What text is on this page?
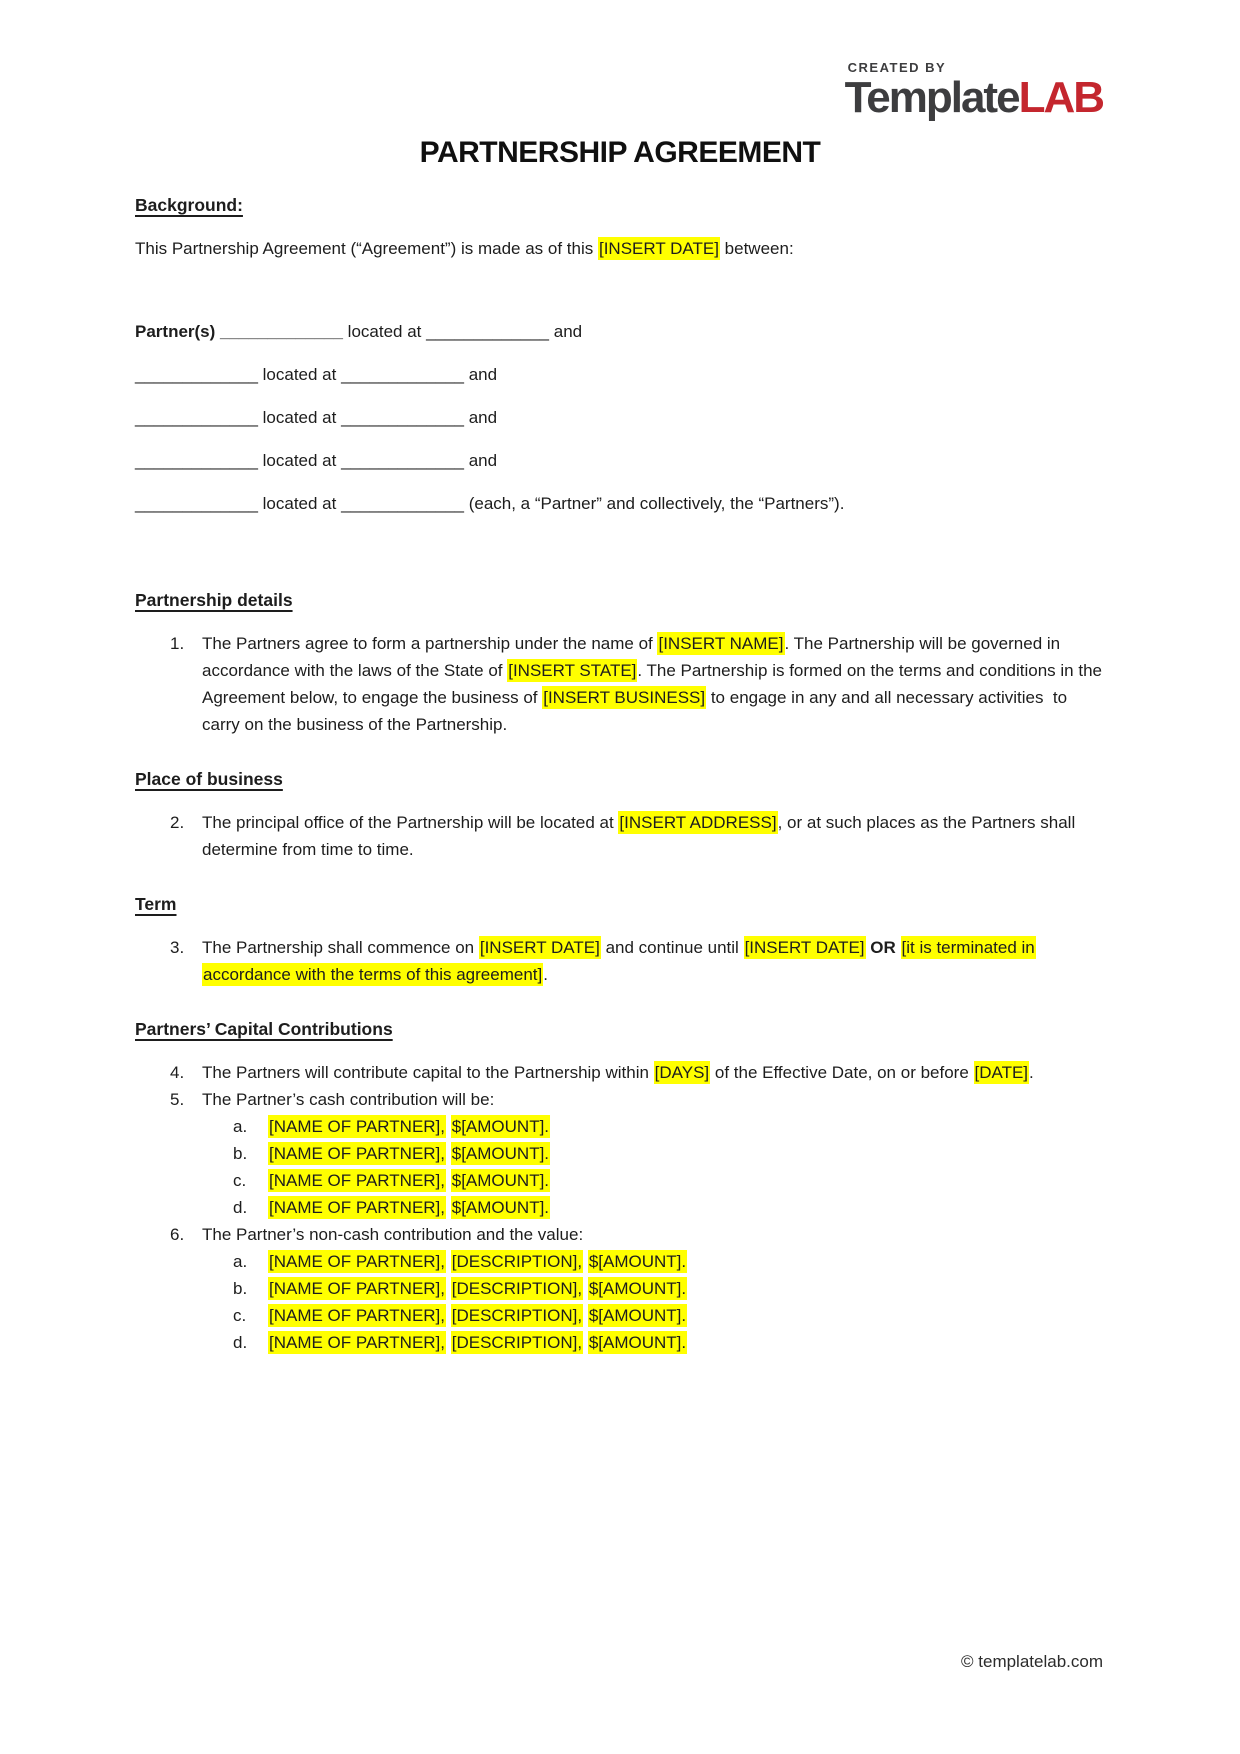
CREATED BY
TemplateLAB
PARTNERSHIP AGREEMENT
Background:
This Partnership Agreement (“Agreement”) is made as of this [INSERT DATE] between:
Partner(s) _____________ located at _____________ and
_____________ located at _____________ and
_____________ located at _____________ and
_____________ located at _____________ and
_____________ located at _____________ (each, a “Partner” and collectively, the “Partners”).
Partnership details
1.	The Partners agree to form a partnership under the name of [INSERT NAME]. The Partnership will be governed in accordance with the laws of the State of [INSERT STATE]. The Partnership is formed on the terms and conditions in the Agreement below, to engage the business of [INSERT BUSINESS] to engage in any and all necessary activities  to carry on the business of the Partnership.
Place of business
2.	The principal office of the Partnership will be located at [INSERT ADDRESS], or at such places as the Partners shall determine from time to time.
Term
3.	The Partnership shall commence on [INSERT DATE] and continue until [INSERT DATE] OR [it is terminated in accordance with the terms of this agreement].
Partners’ Capital Contributions
4.	The Partners will contribute capital to the Partnership within [DAYS] of the Effective Date, on or before [DATE].
5.	The Partner’s cash contribution will be:
a.	[NAME OF PARTNER], $[AMOUNT].
b.	[NAME OF PARTNER], $[AMOUNT].
c.	[NAME OF PARTNER], $[AMOUNT].
d.	[NAME OF PARTNER], $[AMOUNT].
6.	The Partner’s non-cash contribution and the value:
a.	[NAME OF PARTNER], [DESCRIPTION], $[AMOUNT].
b.	[NAME OF PARTNER], [DESCRIPTION], $[AMOUNT].
c.	[NAME OF PARTNER], [DESCRIPTION], $[AMOUNT].
d.	[NAME OF PARTNER], [DESCRIPTION], $[AMOUNT].
© templatelab.com
